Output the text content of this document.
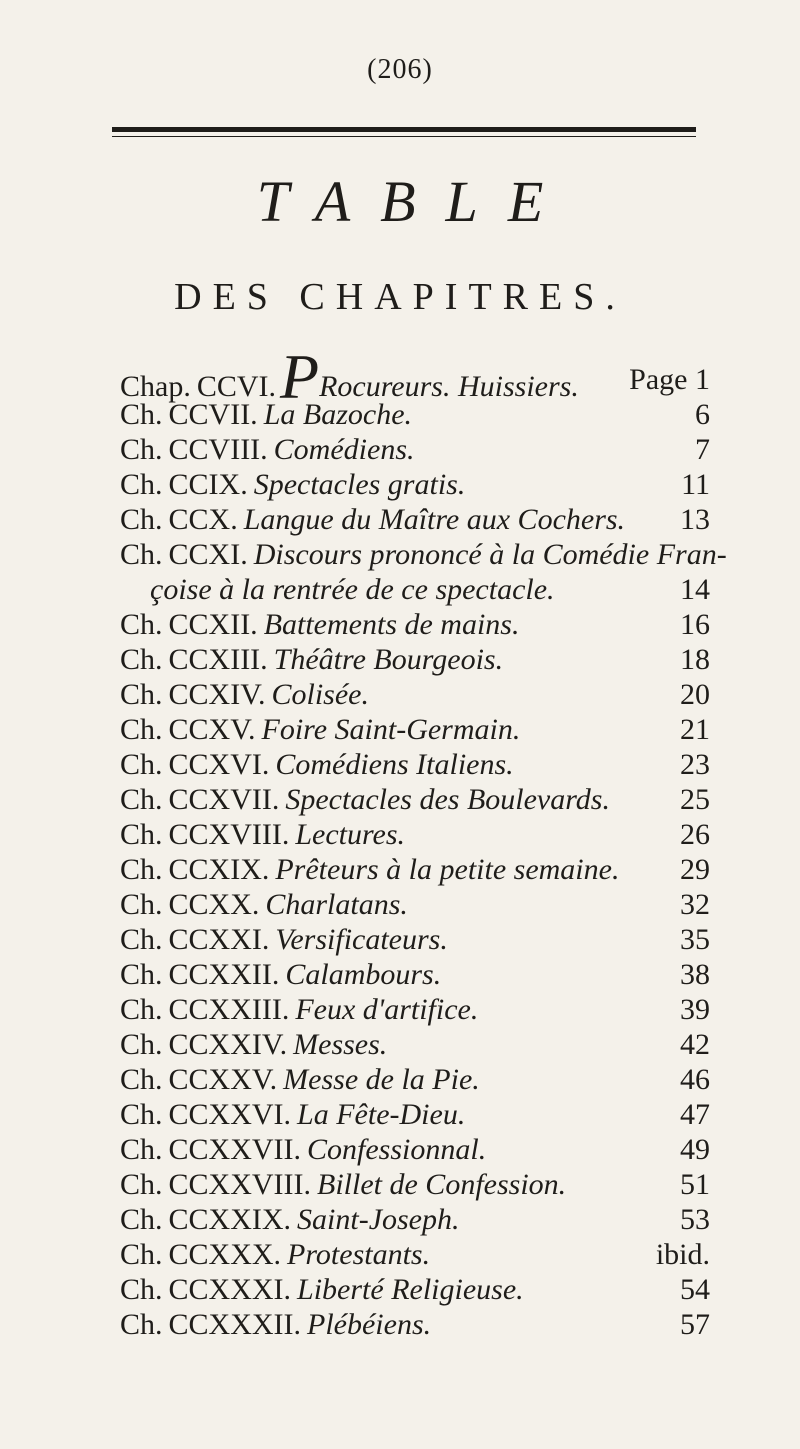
(206)
TABLE
DES CHAPITRES.
Chap. CCVI.PRocureurs. Huissiers. Page 1
Ch. CCVII. La Bazoche.	6
Ch. CCVIII. Comédiens.	7
Ch. CCIX. Spectacles gratis.	11
Ch. CCX. Langue du Maître aux Cochers. 13
Ch. CCXI. Discours prononcé à la Comédie Fran-
çoise à la rentrée de ce spectacle.	14
Ch. CCXII. Battements de mains.	16
Ch. CCXIII. Théâtre Bourgeois.	18
Ch. CCXIV. Colisée.	20
Ch. CCXV. Foire Saint-Germain.	21
Ch. CCXVI. Comédiens Italiens.	23
Ch. CCXVII. Spectacles des Boulevards. 25
Ch. CCXVIII. Lectures.	26
Ch. CCXIX. Prêteurs à la petite semaine. 29
Ch. CCXX. Charlatans.	32
Ch. CCXXI. Versificateurs.	35
Ch. CCXXII. Calambours.	38
Ch. CCXXIII. Feux d'artifice.	39
Ch. CCXXIV. Messes.	42
Ch. CCXXV. Messe de la Pie.	46
Ch. CCXXVI. La Fête-Dieu.	47
Ch. CCXXVII. Confessionnal.	49
Ch. CCXXVIII. Billet de Confession.	51
Ch. CCXXIX. Saint-Joseph.	53
Ch. CCXXX. Protestants.	ibid.
Ch. CCXXXI. Liberté Religieuse.	54
Ch. CCXXXII. Plébéiens.	57
